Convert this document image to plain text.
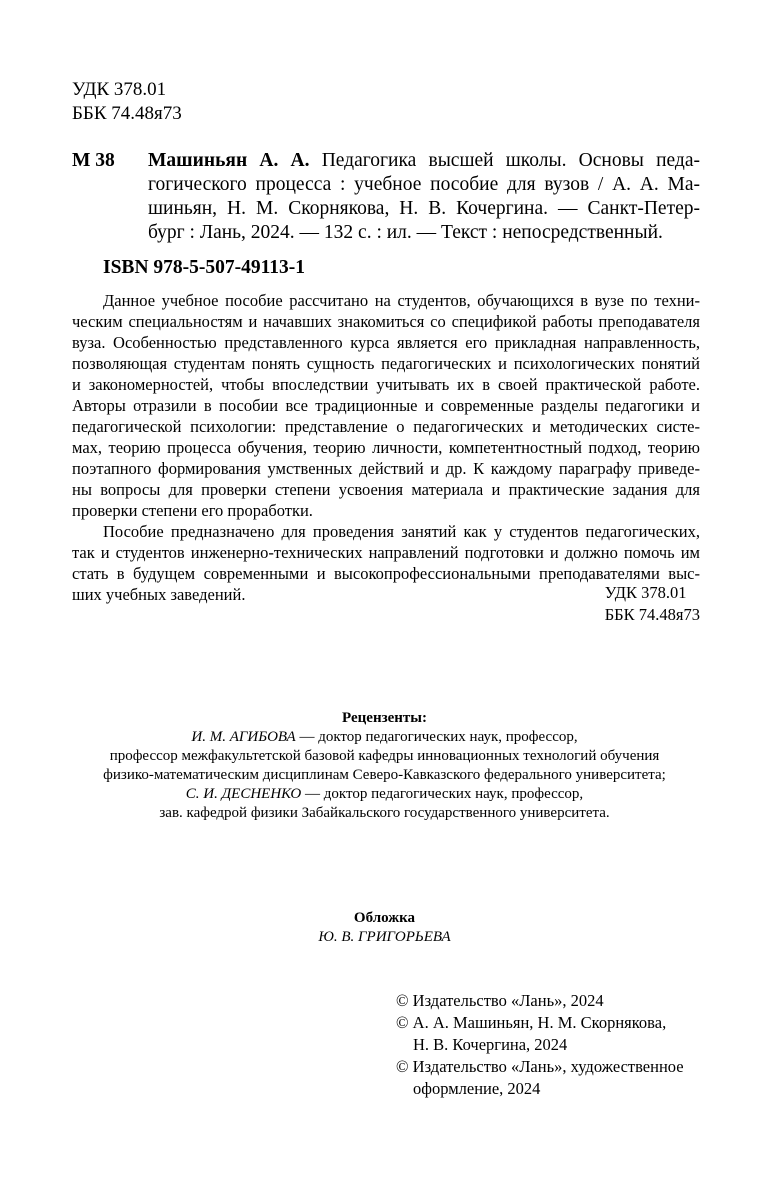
УДК 378.01
ББК 74.48я73
М 38 Машиньян А. А. Педагогика высшей школы. Основы педа-
гогического процесса : учебное пособие для вузов / А. А. Ма-
шиньян, Н. М. Скорнякова, Н. В. Кочергина. — Санкт-Петер-
бург : Лань, 2024. — 132 с. : ил. — Текст : непосредственный.
ISBN 978-5-507-49113-1
Данное учебное пособие рассчитано на студентов, обучающихся в вузе по техни-
ческим специальностям и начавших знакомиться со спецификой работы преподавателя
вуза. Особенностью представленного курса является его прикладная направленность,
позволяющая студентам понять сущность педагогических и психологических понятий
и закономерностей, чтобы впоследствии учитывать их в своей практической работе.
Авторы отразили в пособии все традиционные и современные разделы педагогики и
педагогической психологии: представление о педагогических и методических систе-
мах, теорию процесса обучения, теорию личности, компетентностный подход, теорию
поэтапного формирования умственных действий и др. К каждому параграфу приведе-
ны вопросы для проверки степени усвоения материала и практические задания для
проверки степени его проработки.
Пособие предназначено для проведения занятий как у студентов педагогических,
так и студентов инженерно-технических направлений подготовки и должно помочь им
стать в будущем современными и высокопрофессиональными преподавателями выс-
ших учебных заведений.	УДК 378.01
ББК 74.48я73
Рецензенты:
И. М. АГИБОВА — доктор педагогических наук, профессор,
профессор межфакультетской базовой кафедры инновационных технологий обучения
физико-математическим дисциплинам Северо-Кавказского федерального университета;
С. И. ДЕСНЕНКО — доктор педагогических наук, профессор,
зав. кафедрой физики Забайкальского государственного университета.
Обложка
Ю. В. ГРИГОРЬЕВА
© Издательство «Лань», 2024
© А. А. Машиньян, Н. М. Скорнякова,
Н. В. Кочергина, 2024
© Издательство «Лань», художественное
оформление, 2024
